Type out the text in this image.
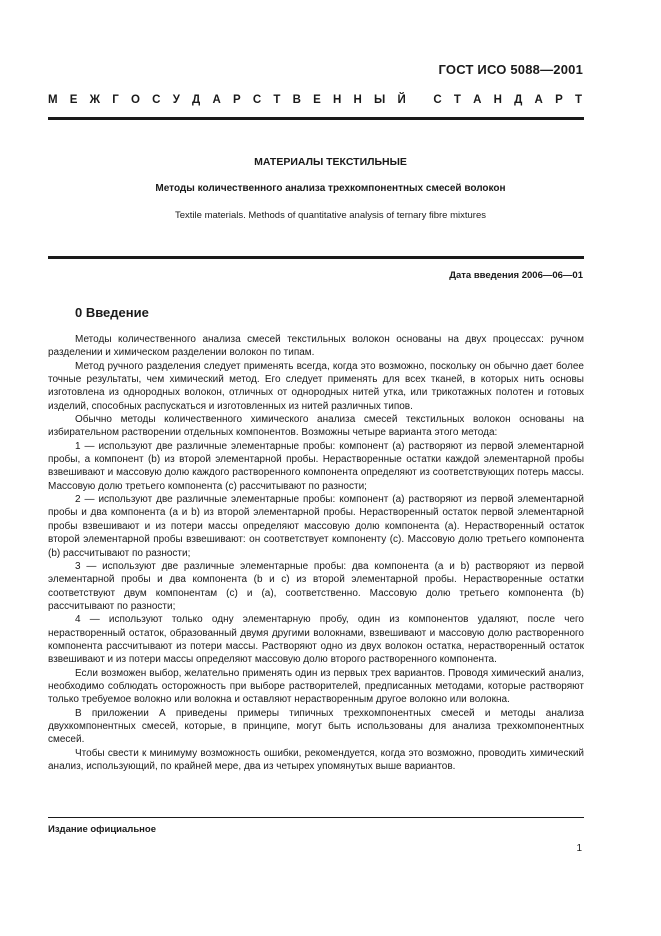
ГОСТ ИСО 5088—2001
М Е Ж Г О С У Д А Р С Т В Е Н Н Ы Й
С Т А Н Д А Р Т
МАТЕРИАЛЫ ТЕКСТИЛЬНЫЕ
Методы количественного анализа трехкомпонентных смесей волокон
Textile materials. Methods of quantitative analysis of ternary fibre mixtures
Дата введения 2006—06—01
0 Введение

Методы количественного анализа смесей текстильных волокон основаны на двух процессах: ручном разделении и химическом разделении волокон по типам.

Метод ручного разделения следует применять всегда, когда это возможно, поскольку он обычно дает более точные результаты, чем химический метод. Его следует применять для всех тканей, в которых нить основы изготовлена из однородных волокон, отличных от однородных нитей утка, или трикотажных полотен и готовых изделий, способных распускаться и изготовленных из нитей различных типов.

Обычно методы количественного химического анализа смесей текстильных волокон основаны на избирательном растворении отдельных компонентов. Возможны четыре варианта этого метода:

1 — используют две различные элементарные пробы: компонент (a) растворяют из первой элементарной пробы, а компонент (b) из второй элементарной пробы. Нерастворенные остатки каждой элементарной пробы взвешивают и массовую долю каждого растворенного компонента определяют из соответствующих потерь массы. Массовую долю третьего компонента (c) рассчитывают по разности;

2 — используют две различные элементарные пробы: компонент (a) растворяют из первой элементарной пробы и два компонента (a и b) из второй элементарной пробы. Нерастворенный остаток первой элементарной пробы взвешивают и из потери массы определяют массовую долю компонента (a). Нерастворенный остаток второй элементарной пробы взвешивают: он соответствует компоненту (c). Массовую долю третьего компонента (b) рассчитывают по разности;

3 — используют две различные элементарные пробы: два компонента (a и b) растворяют из первой элементарной пробы и два компонента (b и c) из второй элементарной пробы. Нерастворенные остатки соответствуют двум компонентам (c) и (a), соответственно. Массовую долю третьего компонента (b) рассчитывают по разности;

4 — используют только одну элементарную пробу, один из компонентов удаляют, после чего нерастворенный остаток, образованный двумя другими волокнами, взвешивают и массовую долю растворенного компонента рассчитывают из потери массы. Растворяют одно из двух волокон остатка, нерастворенный остаток взвешивают и из потери массы определяют массовую долю второго растворенного компонента.

Если возможен выбор, желательно применять один из первых трех вариантов. Проводя химический анализ, необходимо соблюдать осторожность при выборе растворителей, предписанных методами, которые растворяют только требуемое волокно или волокна и оставляют нерастворенным другое волокно или волокна.

В приложении А приведены примеры типичных трехкомпонентных смесей и методы анализа двухкомпонентных смесей, которые, в принципе, могут быть использованы для анализа трехкомпонентных смесей.

Чтобы свести к минимуму возможность ошибки, рекомендуется, когда это возможно, проводить химический анализ, использующий, по крайней мере, два из четырех упомянутых выше вариантов.

Издание официальное
1
